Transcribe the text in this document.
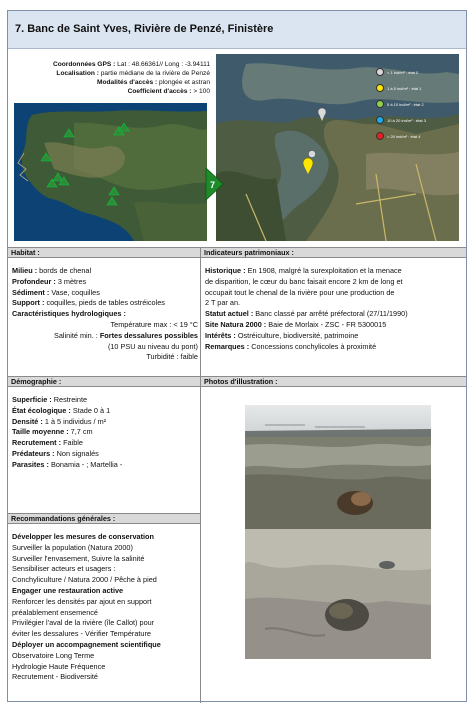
7. Banc de Saint Yves, Rivière de Penzé, Finistère
Coordonnées GPS : Lat : 48.66361// Long : -3.94111
Localisation : partie médiane de la rivière de Penzé
Modalités d'accès : plongée et astran
Coefficient d'accès : > 100
< 1 ind/m² : état 0
1 à 5 ind/m² : état 1
5 à 10 ind/m² : état 2
10 à 20 ind/m² : état 3
> 20 ind/m² : état 4
7
Habitat :	Indicateurs patrimoniaux :
Milieu : bords de chenal
Profondeur : 3 mètres
Sédiment : Vase, coquilles
Support : coquilles, pieds de tables ostréicoles
Caractéristiques hydrologiques :
Température max : < 19 °C
Salinité min. : Fortes dessalures possibles
(10 PSU au niveau du pont)
Turbidité : faible
Historique : En 1908, malgré la surexploitation et la menace
de disparition, le cœur du banc faisait encore 2 km de long et
occupait tout le chenal de la rivière pour une production de
2 T par an.
Statut actuel : Banc classé par arrêté préfectoral (27/11/1990)
Site Natura 2000 : Baie de Morlaix - ZSC - FR 5300015
Intérêts : Ostréiculture, biodiversité, patrimoine
Remarques : Concessions conchylicoles à proximité
Démographie :	Photos d'illustration :
Superficie : Restreinte
État écologique : Stade 0 à 1
Densité : 1 à 5 individus / m²
Taille moyenne : 7,7 cm
Recrutement : Faible
Prédateurs : Non signalés
Parasites : Bonamia - ; Martellia -
Recommandations générales :
Développer les mesures de conservation
Surveiller la population (Natura 2000)
Surveiller l'envasement, Suivre la salinité
Sensibiliser acteurs et usagers :
Conchyliculture / Natura 2000 / Pêche à pied
Engager une restauration active
Renforcer les densités par ajout en support
préalablement ensemencé
Privilégier l'aval de la rivière (île Callot) pour
éviter les dessalures - Vérifier Température
Déployer un accompagnement scientifique
Observatoire Long Terme
Hydrologie Haute Fréquence
Recrutement - Biodiversité
